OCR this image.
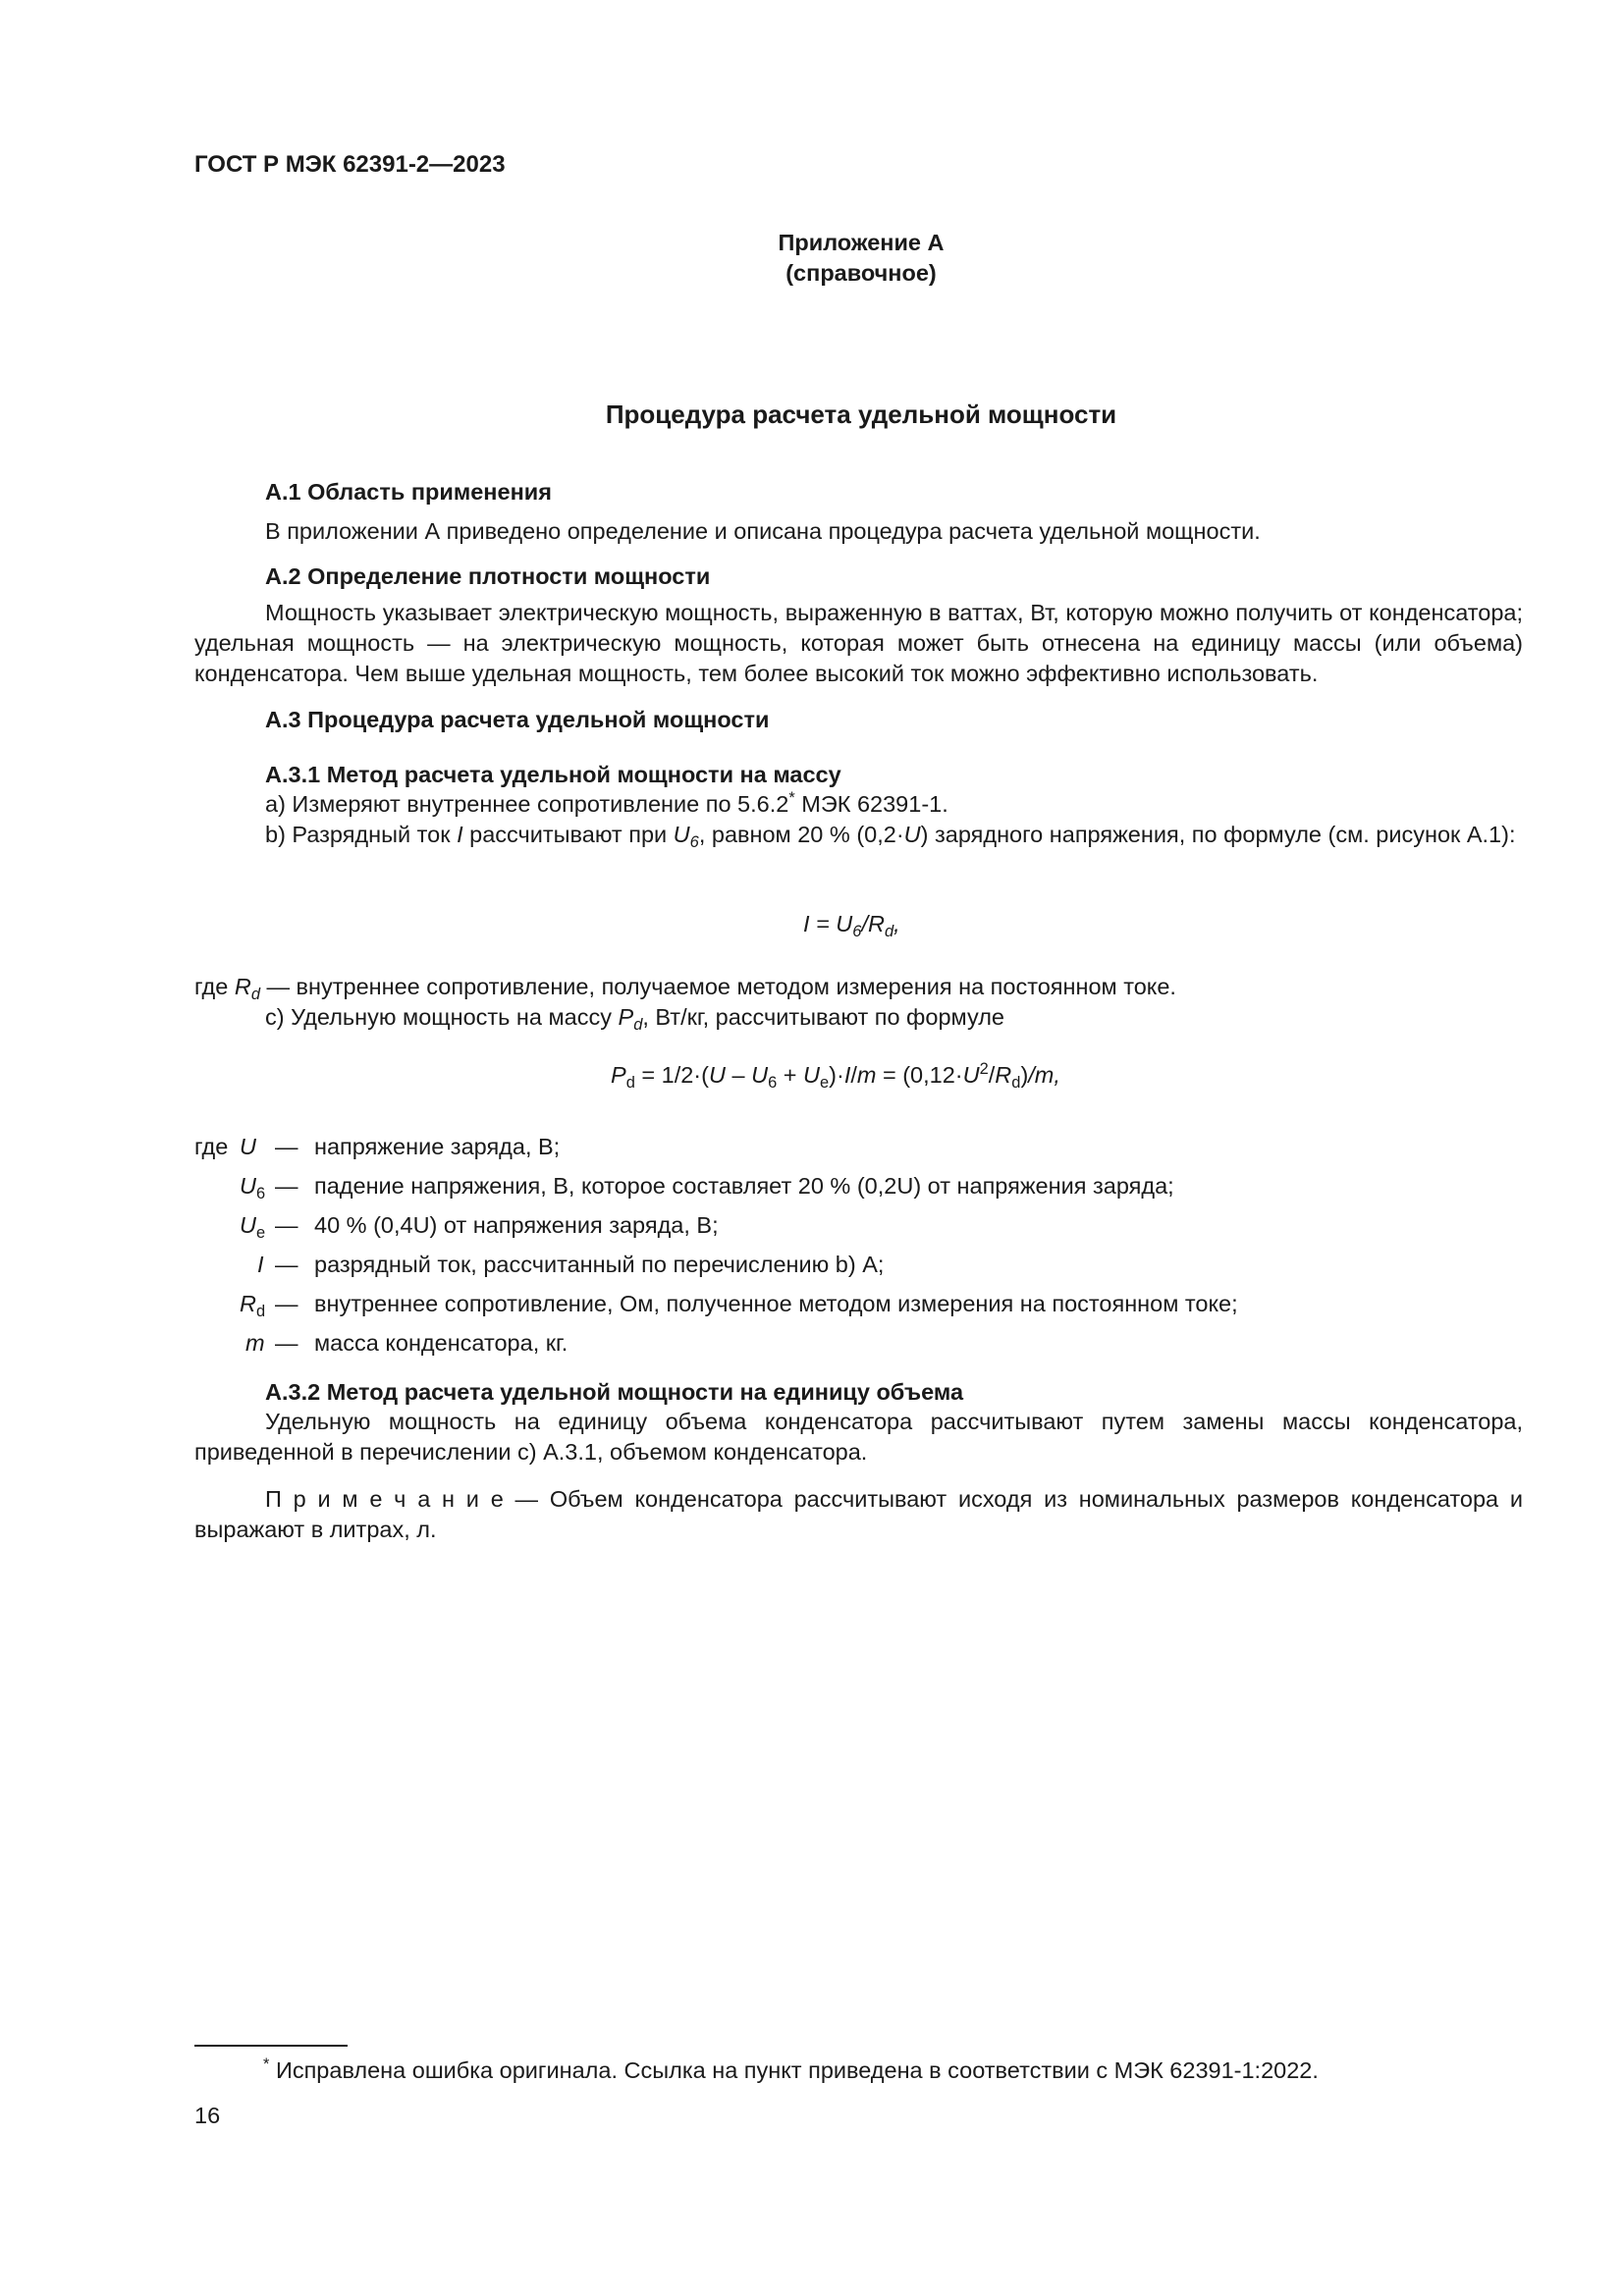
ГОСТ Р МЭК 62391-2—2023
Приложение А
(справочное)
Процедура расчета удельной мощности
А.1 Область применения
В приложении А приведено определение и описана процедура расчета удельной мощности.
А.2 Определение плотности мощности
Мощность указывает электрическую мощность, выраженную в ваттах, Вт, которую можно получить от конденсатора; удельная мощность — на электрическую мощность, которая может быть отнесена на единицу массы (или объема) конденсатора. Чем выше удельная мощность, тем более высокий ток можно эффективно использовать.
А.3 Процедура расчета удельной мощности
А.3.1 Метод расчета удельной мощности на массу
а) Измеряют внутреннее сопротивление по 5.6.2* МЭК 62391-1.
b) Разрядный ток I рассчитывают при $U_6$, равном 20 % (0,2·U) зарядного напряжения, по формуле (см. рисунок А.1):
$I = U_6/R_d$,
где $R_d$ — внутреннее сопротивление, получаемое методом измерения на постоянном токе.
с) Удельную мощность на массу $P_d$, Вт/кг, рассчитывают по формуле
$P_d = 1/2\cdot(U - U_6 + U_e)\cdot I/m = (0,12\cdot U^2/R_d)/m$,
где U — напряжение заряда, В;
$U_6$ — падение напряжения, В, которое составляет 20 % (0,2U) от напряжения заряда;
$U_e$ — 40 % (0,4U) от напряжения заряда, В;
I — разрядный ток, рассчитанный по перечислению b) А;
$R_d$ — внутреннее сопротивление, Ом, полученное методом измерения на постоянном токе;
m — масса конденсатора, кг.
А.3.2 Метод расчета удельной мощности на единицу объема
Удельную мощность на единицу объема конденсатора рассчитывают путем замены массы конденсатора, приведенной в перечислении с) А.3.1, объемом конденсатора.
П р и м е ч а н и е — Объем конденсатора рассчитывают исходя из номинальных размеров конденсатора и выражают в литрах, л.
* Исправлена ошибка оригинала. Ссылка на пункт приведена в соответствии с МЭК 62391-1:2022.
16
